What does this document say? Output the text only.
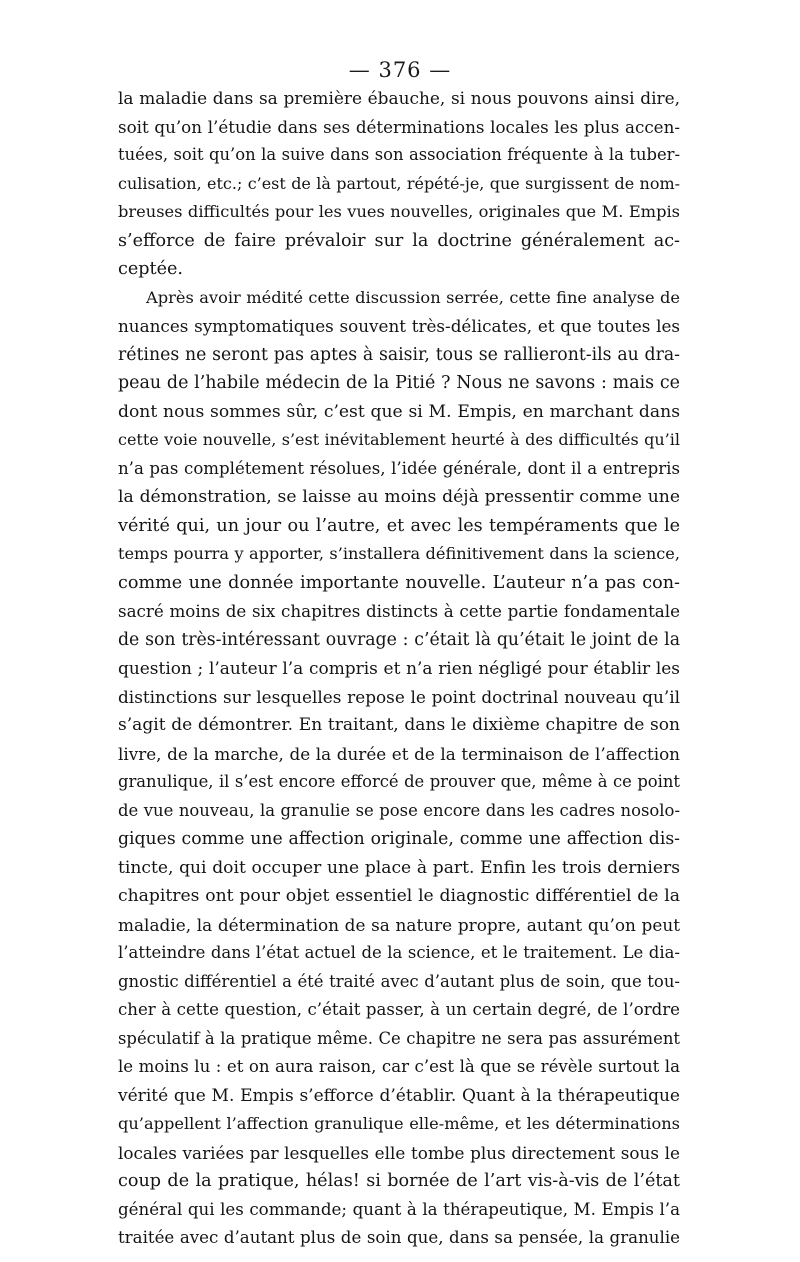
— 376 —
la maladie dans sa première ébauche, si nous pouvons ainsi dire,
soit qu’on l’étudie dans ses déterminations locales les plus accen-
tuées, soit qu’on la suive dans son association fréquente à la tuber-
culisation, etc.; c’est de là partout, répété-je, que surgissent de nom-
breuses difficultés pour les vues nouvelles, originales que M. Empis
s’efforce de faire prévaloir sur la doctrine généralement ac-
ceptée.
Après avoir médité cette discussion serrée, cette fine analyse de
nuances symptomatiques souvent très-délicates, et que toutes les
rétines ne seront pas aptes à saisir, tous se rallieront-ils au dra-
peau de l’habile médecin de la Pitié ? Nous ne savons : mais ce
dont nous sommes sûr, c’est que si M. Empis, en marchant dans
cette voie nouvelle, s’est inévitablement heurté à des difficultés qu’il
n’a pas complétement résolues, l’idée générale, dont il a entrepris
la démonstration, se laisse au moins déjà pressentir comme une
vérité qui, un jour ou l’autre, et avec les tempéraments que le
temps pourra y apporter, s’installera définitivement dans la science,
comme une donnée importante nouvelle. L’auteur n’a pas con-
sacré moins de six chapitres distincts à cette partie fondamentale
de son très-intéressant ouvrage : c’était là qu’était le joint de la
question ; l’auteur l’a compris et n’a rien négligé pour établir les
distinctions sur lesquelles repose le point doctrinal nouveau qu’il
s’agit de démontrer. En traitant, dans le dixième chapitre de son
livre, de la marche, de la durée et de la terminaison de l’affection
granulique, il s’est encore efforcé de prouver que, même à ce point
de vue nouveau, la granulie se pose encore dans les cadres nosolo-
giques comme une affection originale, comme une affection dis-
tincte, qui doit occuper une place à part. Enfin les trois derniers
chapitres ont pour objet essentiel le diagnostic différentiel de la
maladie, la détermination de sa nature propre, autant qu’on peut
l’atteindre dans l’état actuel de la science, et le traitement. Le dia-
gnostic différentiel a été traité avec d’autant plus de soin, que tou-
cher à cette question, c’était passer, à un certain degré, de l’ordre
spéculatif à la pratique même. Ce chapitre ne sera pas assurément
le moins lu : et on aura raison, car c’est là que se révèle surtout la
vérité que M. Empis s’efforce d’établir. Quant à la thérapeutique
qu’appellent l’affection granulique elle-même, et les déterminations
locales variées par lesquelles elle tombe plus directement sous le
coup de la pratique, hélas! si bornée de l’art vis-à-vis de l’état
général qui les commande; quant à la thérapeutique, M. Empis l’a
traitée avec d’autant plus de soin que, dans sa pensée, la granulie
